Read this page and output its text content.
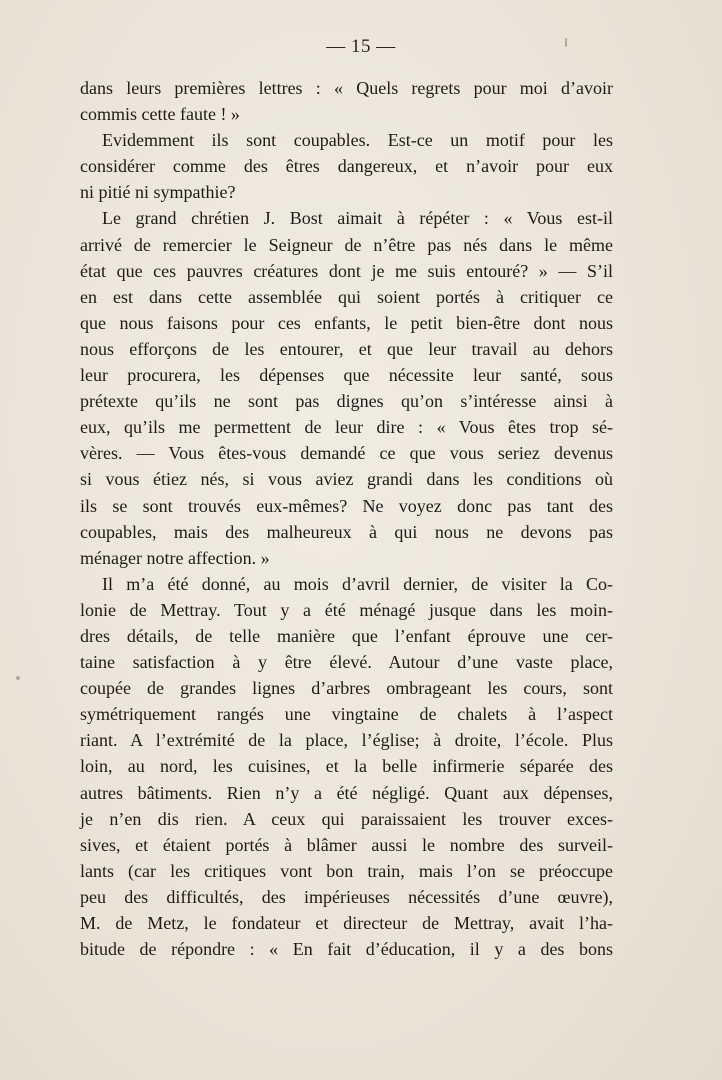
— 15 —
dans leurs premières lettres : « Quels regrets pour moi d’avoir
commis cette faute ! »
Evidemment ils sont coupables. Est-ce un motif pour les
considérer comme des êtres dangereux, et n’avoir pour eux
ni pitié ni sympathie?
Le grand chrétien J. Bost aimait à répéter : « Vous est-il
arrivé de remercier le Seigneur de n’être pas nés dans le même
état que ces pauvres créatures dont je me suis entouré? » — S’il
en est dans cette assemblée qui soient portés à critiquer ce
que nous faisons pour ces enfants, le petit bien-être dont nous
nous efforçons de les entourer, et que leur travail au dehors
leur procurera, les dépenses que nécessite leur santé, sous
prétexte qu’ils ne sont pas dignes qu’on s’intéresse ainsi à
eux, qu’ils me permettent de leur dire : « Vous êtes trop sé-
vères. — Vous êtes-vous demandé ce que vous seriez devenus
si vous étiez nés, si vous aviez grandi dans les conditions où
ils se sont trouvés eux-mêmes? Ne voyez donc pas tant des
coupables, mais des malheureux à qui nous ne devons pas
ménager notre affection. »
Il m’a été donné, au mois d’avril dernier, de visiter la Co-
lonie de Mettray. Tout y a été ménagé jusque dans les moin-
dres détails, de telle manière que l’enfant éprouve une cer-
taine satisfaction à y être élevé. Autour d’une vaste place,
coupée de grandes lignes d’arbres ombrageant les cours, sont
symétriquement rangés une vingtaine de chalets à l’aspect
riant. A l’extrémité de la place, l’église; à droite, l’école. Plus
loin, au nord, les cuisines, et la belle infirmerie séparée des
autres bâtiments. Rien n’y a été négligé. Quant aux dépenses,
je n’en dis rien. A ceux qui paraissaient les trouver exces-
sives, et étaient portés à blâmer aussi le nombre des surveil-
lants (car les critiques vont bon train, mais l’on se préoccupe
peu des difficultés, des impérieuses nécessités d’une œuvre),
M. de Metz, le fondateur et directeur de Mettray, avait l’ha-
bitude de répondre : « En fait d’éducation, il y a des bons
